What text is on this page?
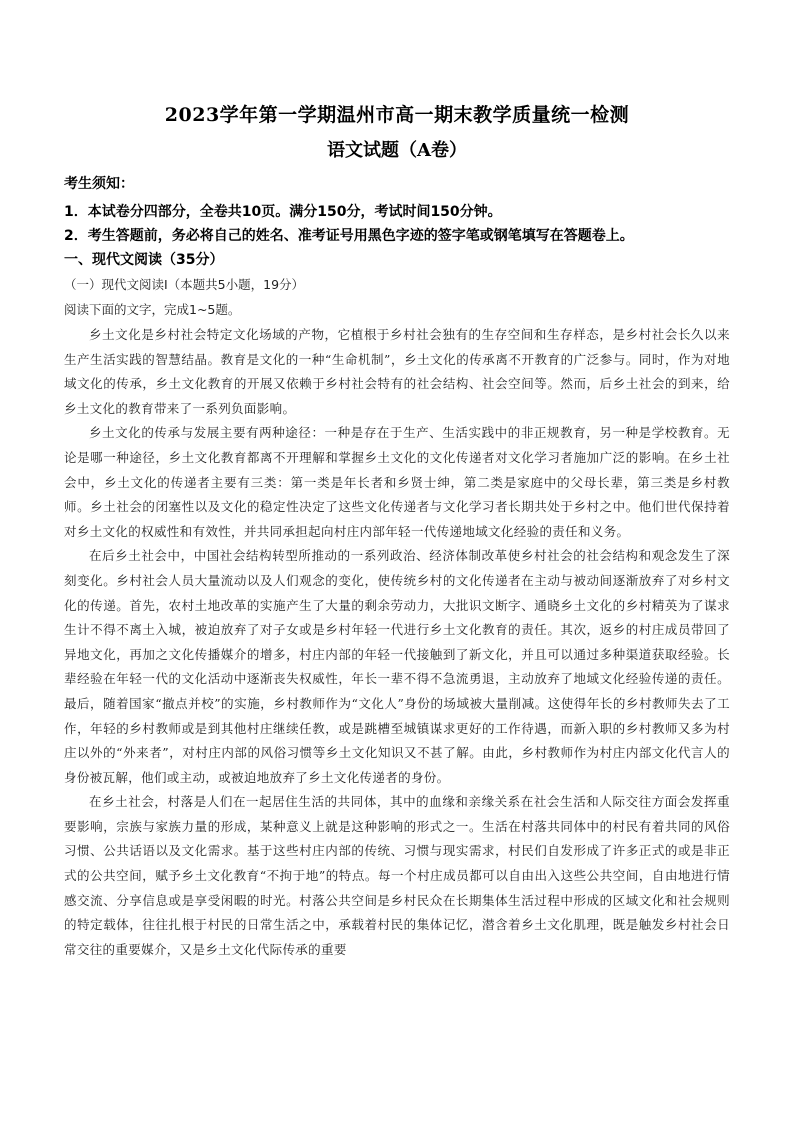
2023学年第一学期温州市高一期末教学质量统一检测
语文试题（A卷）
考生须知：
1．本试卷分四部分，全卷共10页。满分150分，考试时间150分钟。
2．考生答题前，务必将自己的姓名、准考证号用黑色字迹的签字笔或钢笔填写在答题卷上。
一、现代文阅读（35分）
（一）现代文阅读Ⅰ（本题共5小题，19分）
阅读下面的文字，完成1~5题。

乡土文化是乡村社会特定文化场域的产物，它植根于乡村社会独有的生存空间和生存样态，是乡村社会长久以来生产生活实践的智慧结晶。教育是文化的一种“生命机制”，乡土文化的传承离不开教育的广泛参与。同时，作为对地域文化的传承，乡土文化教育的开展又依赖于乡村社会特有的社会结构、社会空间等。然而，后乡土社会的到来，给乡土文化的教育带来了一系列负面影响。

乡土文化的传承与发展主要有两种途径：一种是存在于生产、生活实践中的非正规教育，另一种是学校教育。无论是哪一种途径，乡土文化教育都离不开理解和掌握乡土文化的文化传递者对文化学习者施加广泛的影响。在乡土社会中，乡土文化的传递者主要有三类：第一类是年长者和乡贤士绅，第二类是家庭中的父母长辈，第三类是乡村教师。乡土社会的闭塞性以及文化的稳定性决定了这些文化传递者与文化学习者长期共处于乡村之中。他们世代保持着对乡土文化的权威性和有效性，并共同承担起向村庄内部年轻一代传递地域文化经验的责任和义务。

在后乡土社会中，中国社会结构转型所推动的一系列政治、经济体制改革使乡村社会的社会结构和观念发生了深刻变化。乡村社会人员大量流动以及人们观念的变化，使传统乡村的文化传递者在主动与被动间逐渐放弃了对乡村文化的传递。首先，农村土地改革的实施产生了大量的剩余劳动力，大批识文断字、通晓乡土文化的乡村精英为了谋求生计不得不离土入城，被迫放弃了对子女或是乡村年轻一代进行乡土文化教育的责任。其次，返乡的村庄成员带回了异地文化，再加之文化传播媒介的增多，村庄内部的年轻一代接触到了新文化，并且可以通过多种渠道获取经验。长辈经验在年轻一代的文化活动中逐渐丧失权威性，年长一辈不得不急流勇退，主动放弃了地域文化经验传递的责任。最后，随着国家“撤点并校”的实施，乡村教师作为“文化人”身份的场域被大量削减。这使得年长的乡村教师失去了工作，年轻的乡村教师或是到其他村庄继续任教，或是跳槽至城镇谋求更好的工作待遇，而新入职的乡村教师又多为村庄以外的“外来者”，对村庄内部的风俗习惯等乡土文化知识又不甚了解。由此，乡村教师作为村庄内部文化代言人的身份被瓦解，他们或主动，或被迫地放弃了乡土文化传递者的身份。

在乡土社会，村落是人们在一起居住生活的共同体，其中的血缘和亲缘关系在社会生活和人际交往方面会发挥重要影响，宗族与家族力量的形成，某种意义上就是这种影响的形式之一。生活在村落共同体中的村民有着共同的风俗习惯、公共话语以及文化需求。基于这些村庄内部的传统、习惯与现实需求，村民们自发形成了许多正式的或是非正式的公共空间，赋予乡土文化教育“不拘于地”的特点。每一个村庄成员都可以自由出入这些公共空间，自由地进行情感交流、分享信息或是享受闲暇的时光。村落公共空间是乡村民众在长期集体生活过程中形成的区域文化和社会规则的特定载体，往往扎根于村民的日常生活之中，承载着村民的集体记忆，潜含着乡土文化肌理，既是触发乡村社会日常交往的重要媒介，又是乡土文化代际传承的重要
